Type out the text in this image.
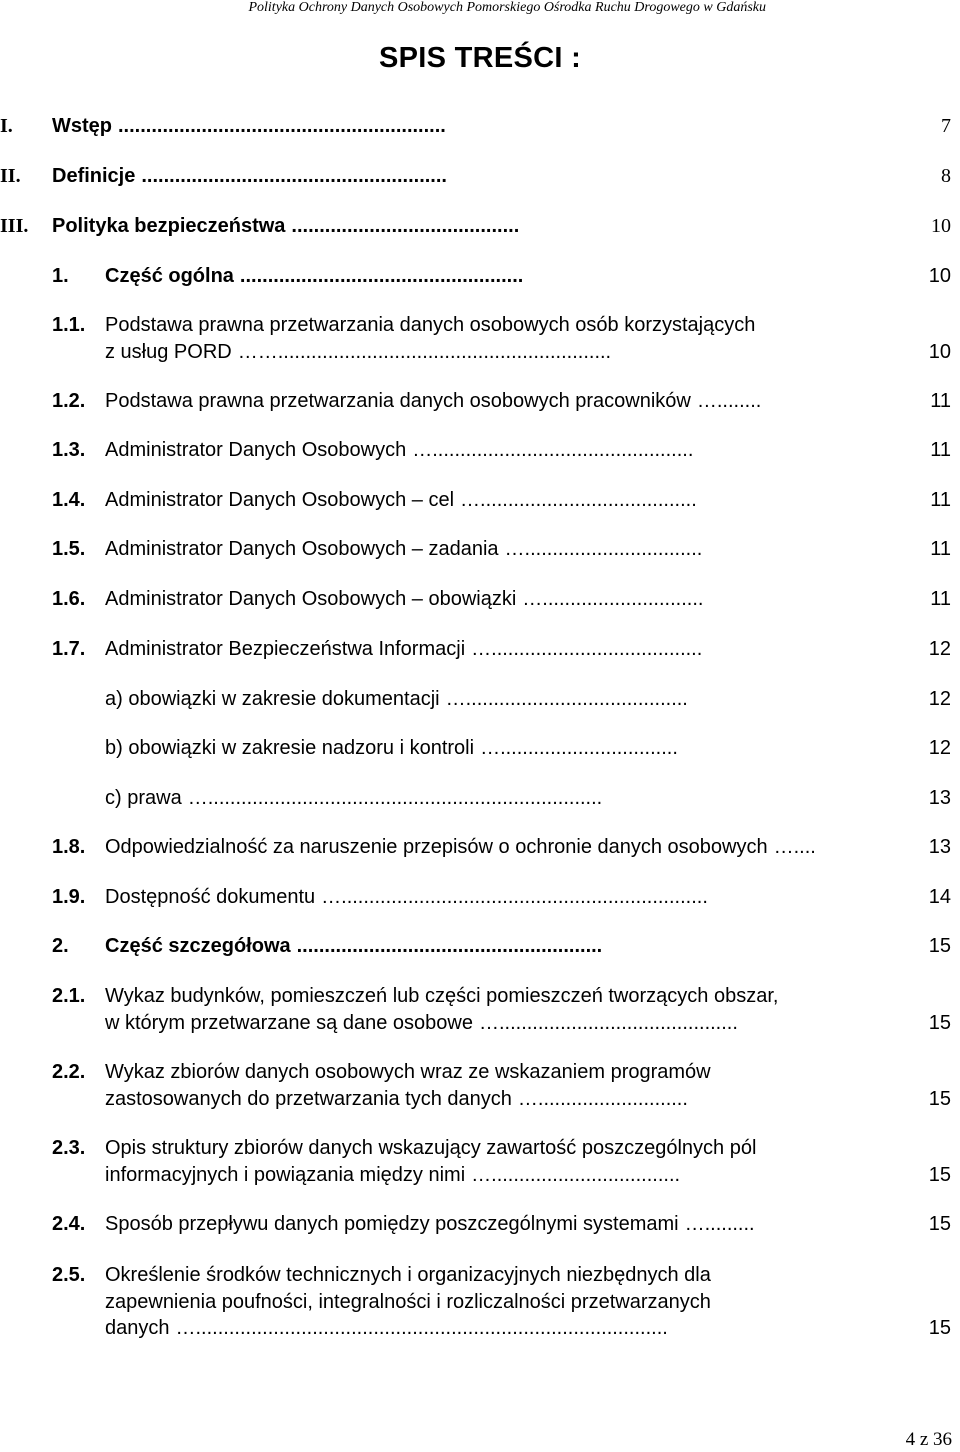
Polityka Ochrony Danych Osobowych Pomorskiego Ośrodka Ruchu Drogowego w Gdańsku
SPIS TREŚCI :
I. Wstęp ...........................................................	7
II. Definicje .......................................................	8
III. Polityka bezpieczeństwa .........................................	10
1. Część ogólna ...................................................	10
1.1. Podstawa prawna przetwarzania danych osobowych osób korzystających
z usług PORD ……............................................................	10
1.2. Podstawa prawna przetwarzania danych osobowych pracowników …........	11
1.3. Administrator Danych Osobowych …...............................................	11
1.4. Administrator Danych Osobowych – cel ….......................................	11
1.5. Administrator Danych Osobowych – zadania …................................	11
1.6. Administrator Danych Osobowych – obowiązki ….............................	11
1.7. Administrator Bezpieczeństwa Informacji …......................................	12
a) obowiązki w zakresie dokumentacji …........................................	12
b) obowiązki w zakresie nadzoru i kontroli …................................	12
c) prawa ….......................................................................	13
1.8. Odpowiedzialność za naruszenie przepisów o ochronie danych osobowych …....	13
1.9. Dostępność dokumentu …..................................................................	14
2. Część szczegółowa .......................................................	15
2.1. Wykaz budynków, pomieszczeń lub części pomieszczeń tworzących obszar,
w którym przetwarzane są dane osobowe …...........................................	15
2.2. Wykaz zbiorów danych osobowych wraz ze wskazaniem programów
zastosowanych do przetwarzania tych danych …...........................	15
2.3. Opis struktury zbiorów danych wskazujący zawartość poszczególnych pól
informacyjnych i powiązania między nimi …..................................	15
2.4. Sposób przepływu danych pomiędzy poszczególnymi systemami ….........	15
2.5. Określenie środków technicznych i organizacyjnych niezbędnych dla
zapewnienia poufności, integralności i rozliczalności przetwarzanych
danych ….....................................................................................	15
4 z 36
